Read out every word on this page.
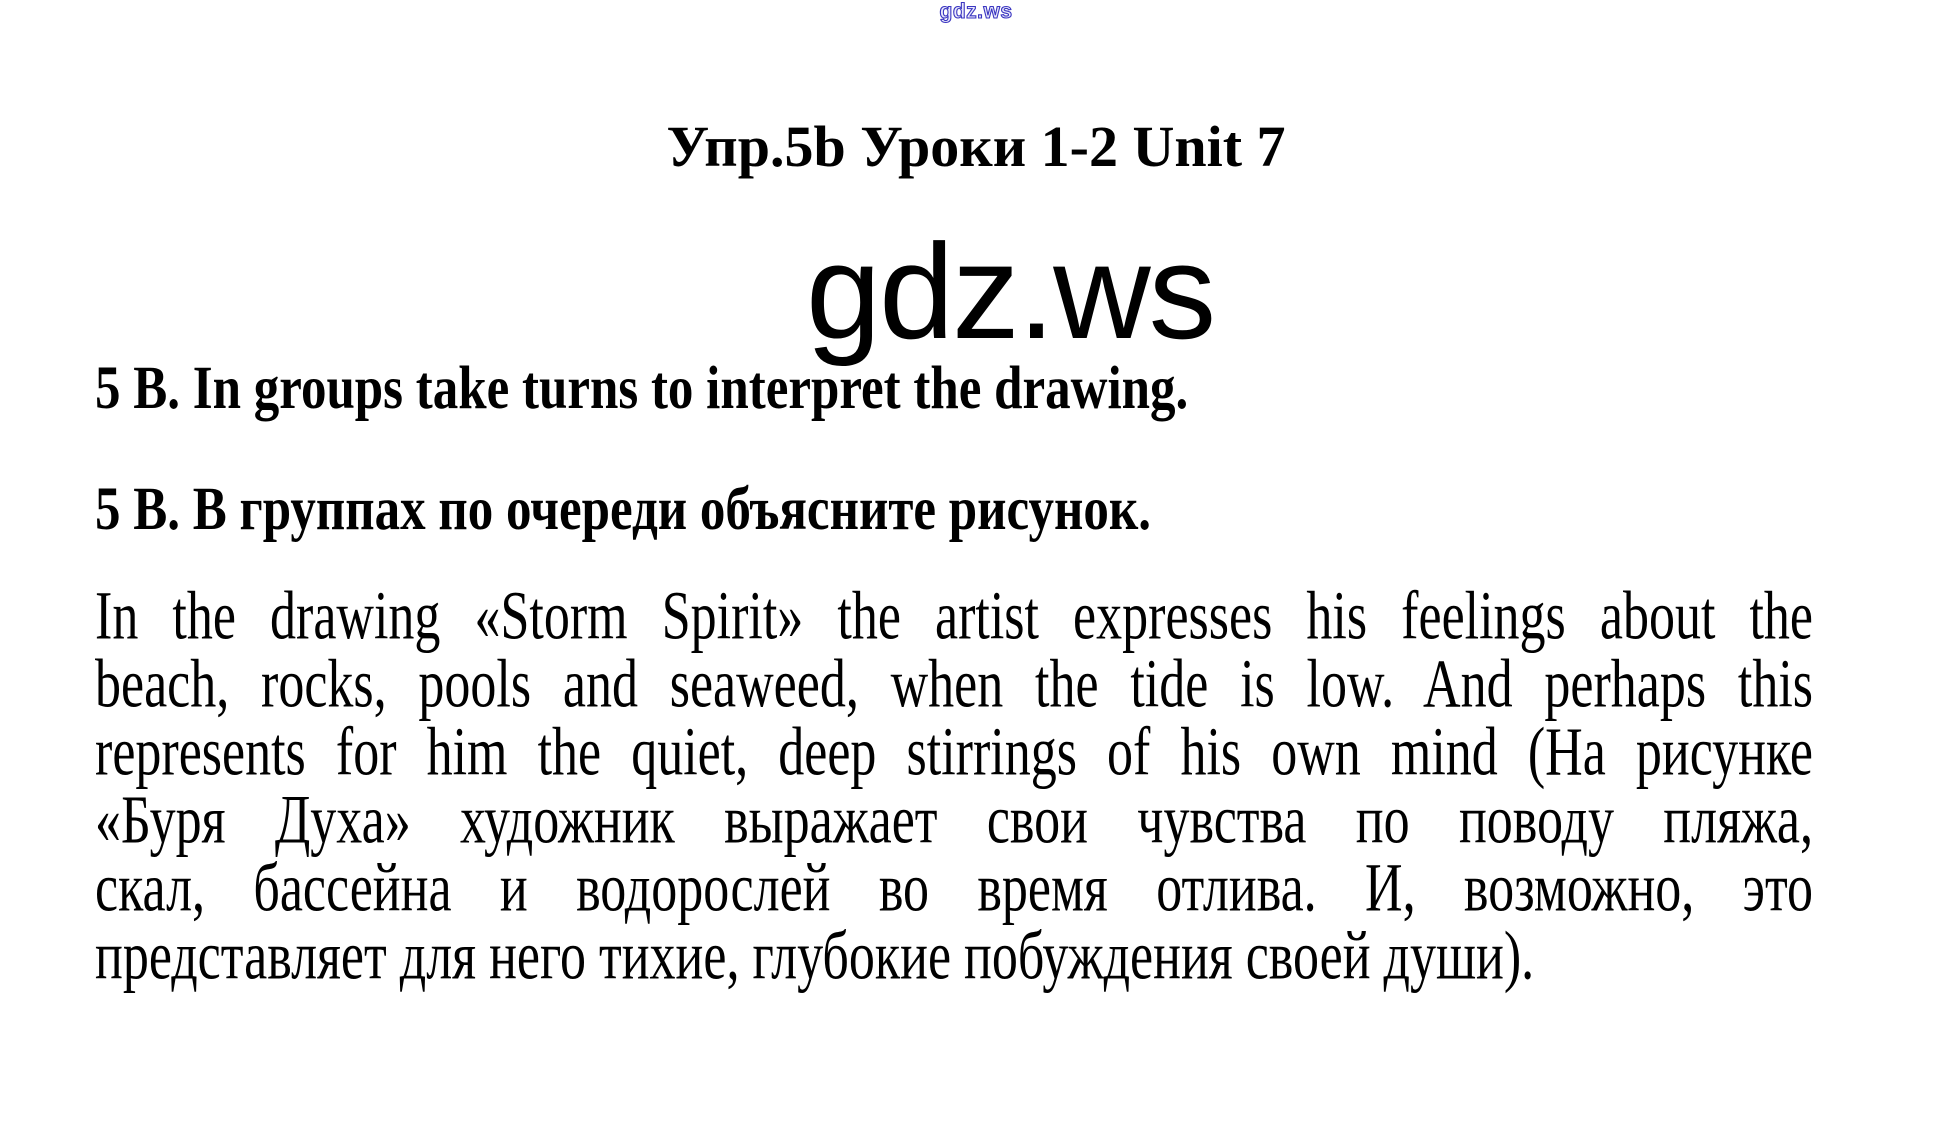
gdz.ws
Упр.5b Уроки 1-2 Unit 7
gdz.ws

5 B. In groups take turns to interpret the drawing.

5 В. В группах по очереди объясните рисунок.

In the drawing «Storm Spirit» the artist expresses his feelings about the
beach, rocks, pools and seaweed, when the tide is low. And perhaps this
represents for him the quiet, deep stirrings of his own mind (На рисунке
«Буря Духа» художник выражает свои чувства по поводу пляжа,
скал, бассейна и водорослей во время отлива. И, возможно, это
представляет для него тихие, глубокие побуждения своей души).
